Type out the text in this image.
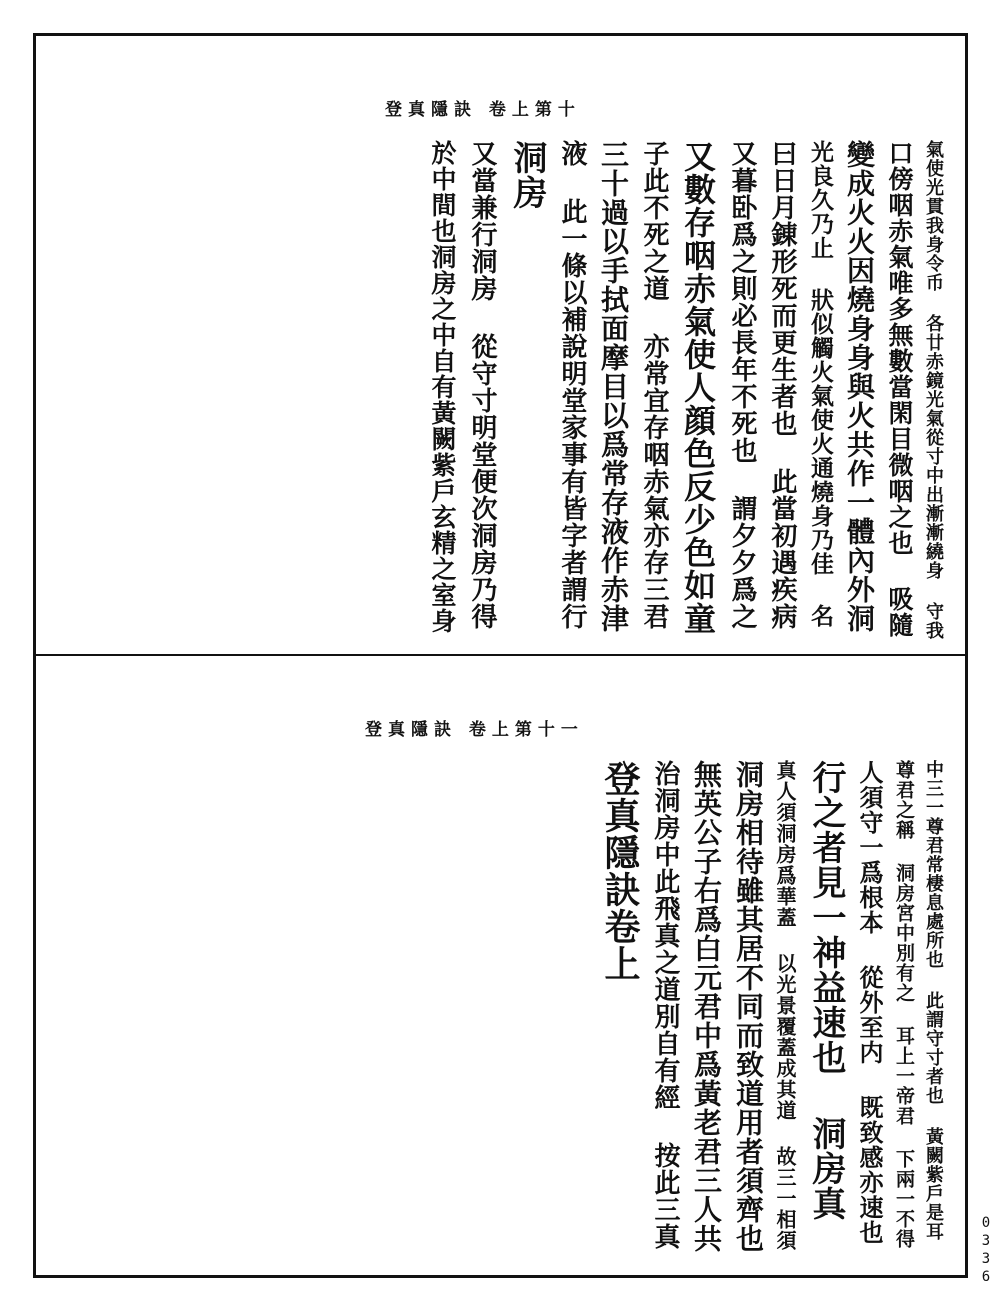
登真隱訣 卷上第十
氣使光貫我身令币 各廿赤鏡光氣從寸中出漸漸繞身 守我
口傍咽赤氣唯多無數當閑目微咽之也 吸隨
變成火火因燒身身與火共作一體內外洞
光良久乃止 狀似觸火氣使火通燒身乃佳 名
曰日月錬形死而更生者也 此當初遇疾病
又暮卧爲之則必長年不死也 謂夕夕爲之
又數存咽赤氣使人顔色反少色如童
子此不死之道 亦常宜存咽赤氣亦存三君
三十過以手拭面摩目以爲常存液作赤津
液 此一條以補說明堂家事有皆字者謂行
洞房
又當兼行洞房 從守寸明堂便次洞房乃得
於中間也洞房之中自有黃闕紫戶玄精之室身
登真隱訣 卷上第十一
中三一尊君常棲息處所也 此謂守寸者也 黃闕紫戶是耳
尊君之稱 洞房宮中別有之 耳上一帝君 下兩一不得
人須守一爲根本 從外至内 既致感亦速也
行之者見一神益速也 洞房真
真人須洞房爲華蓋 以光景覆蓋成其道 故三一相須
洞房相待雖其居不同而致道用者須齊也
無英公子右爲白元君中爲黃老君三人共
治洞房中此飛真之道別自有經 按此三真
登真隱訣卷上
0336
